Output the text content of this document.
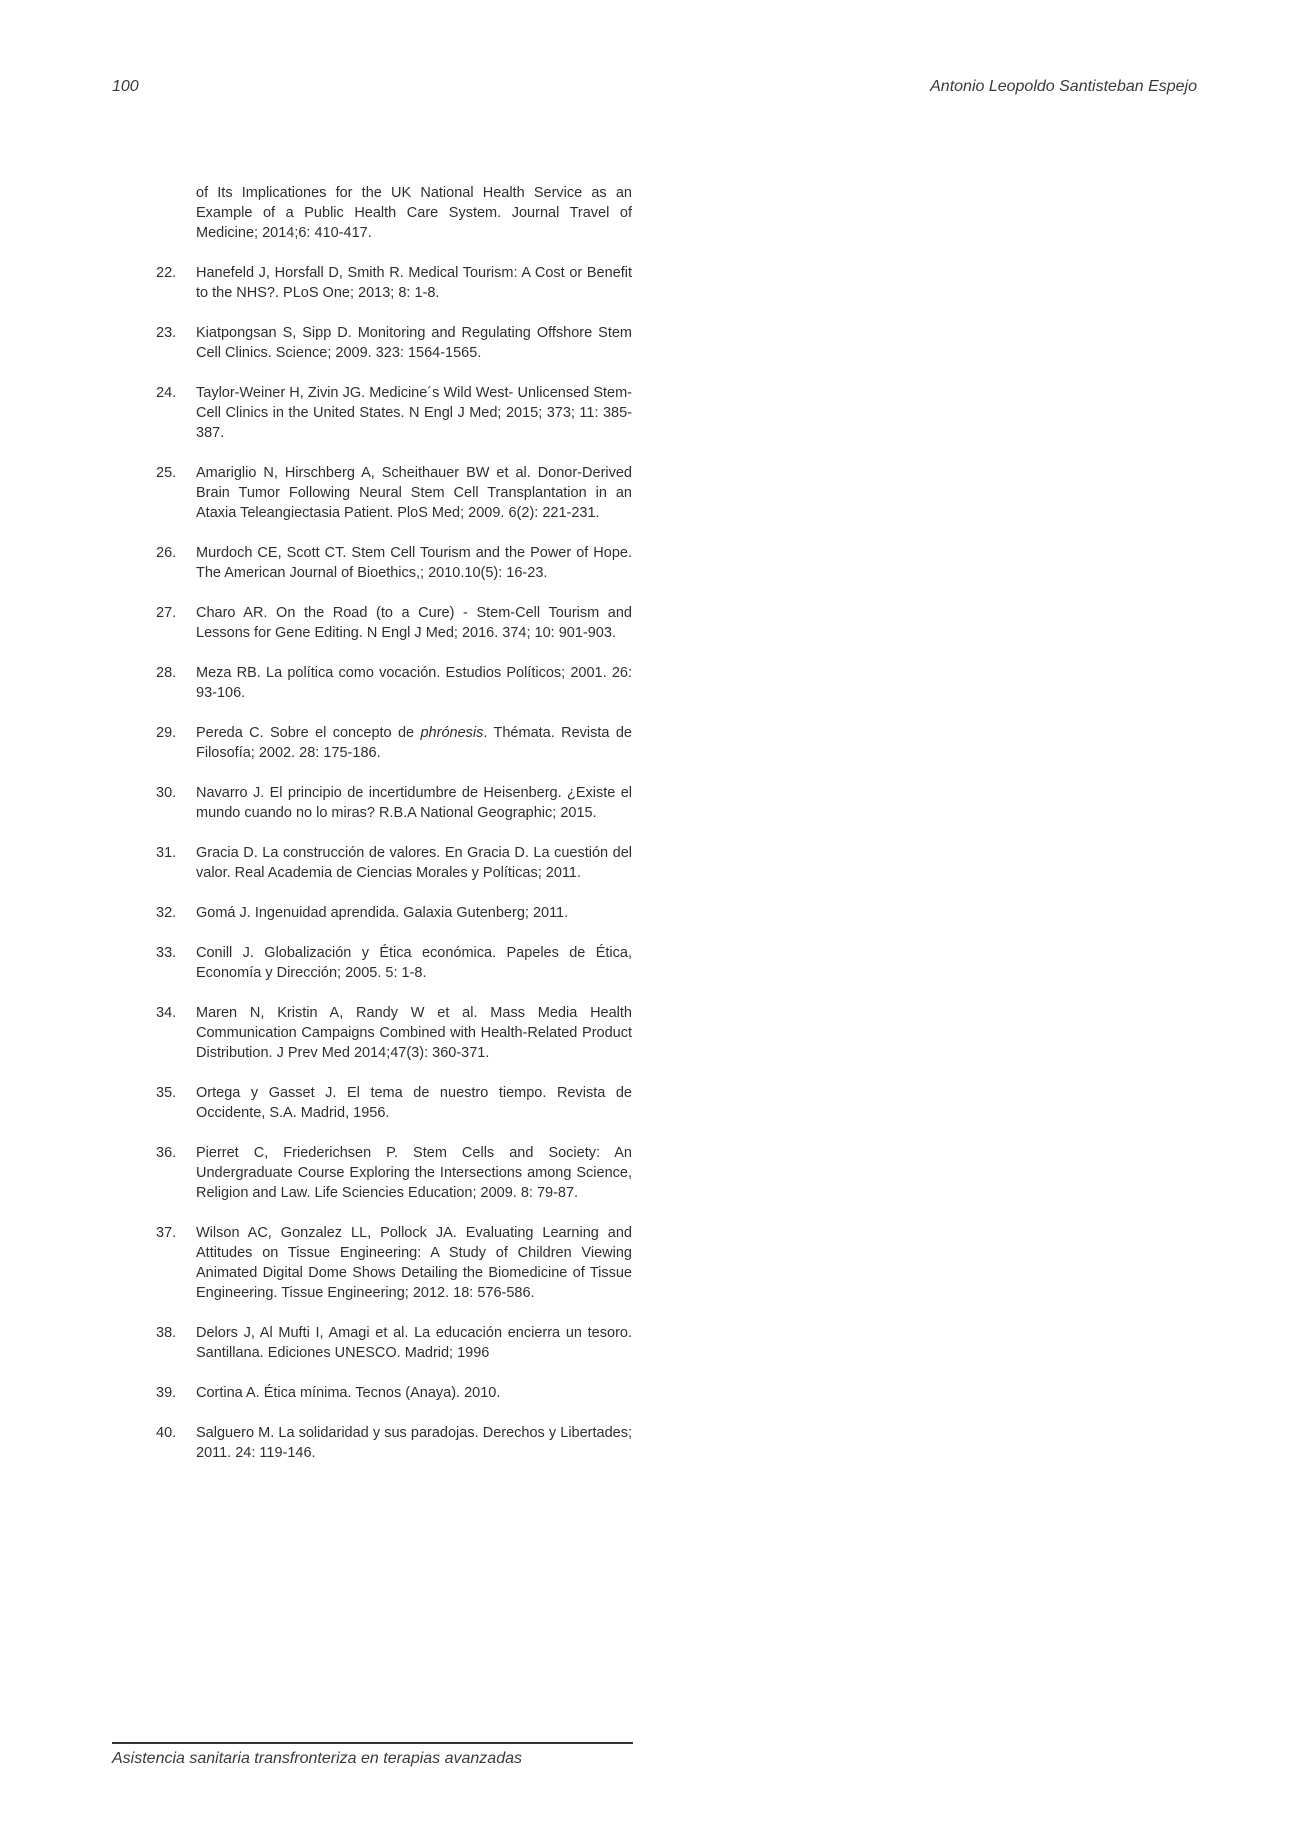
100	Antonio Leopoldo Santisteban Espejo
of Its Implicationes for the UK National Health Service as an Example of a Public Health Care System. Journal Travel of Medicine; 2014;6: 410-417.
22.	Hanefeld J, Horsfall D, Smith R. Medical Tourism: A Cost or Benefit to the NHS?. PLoS One; 2013; 8: 1-8.
23.	Kiatpongsan S, Sipp D. Monitoring and Regulating Offshore Stem Cell Clinics. Science; 2009. 323: 1564-1565.
24.	Taylor-Weiner H, Zivin JG. Medicine´s Wild West- Unlicensed Stem-Cell Clinics in the United States. N Engl J Med; 2015; 373; 11: 385-387.
25.	Amariglio N, Hirschberg A, Scheithauer BW et al. Donor-Derived Brain Tumor Following Neural Stem Cell Transplantation in an Ataxia Teleangiectasia Patient. PloS Med; 2009. 6(2): 221-231.
26.	Murdoch CE, Scott CT. Stem Cell Tourism and the Power of Hope. The American Journal of Bioethics,; 2010.10(5): 16-23.
27.	Charo AR. On the Road (to a Cure) - Stem-Cell Tourism and Lessons for Gene Editing. N Engl J Med; 2016. 374; 10: 901-903.
28.	Meza RB. La política como vocación. Estudios Políticos; 2001. 26: 93-106.
29.	Pereda C. Sobre el concepto de phrónesis. Thémata. Revista de Filosofía; 2002. 28: 175-186.
30.	Navarro J. El principio de incertidumbre de Heisenberg. ¿Existe el mundo cuando no lo miras? R.B.A National Geographic; 2015.
31.	Gracia D. La construcción de valores. En Gracia D. La cuestión del valor. Real Academia de Ciencias Morales y Políticas; 2011.
32.	Gomá J. Ingenuidad aprendida. Galaxia Gutenberg; 2011.
33.	Conill J. Globalización y Ética económica. Papeles de Ética, Economía y Dirección; 2005. 5: 1-8.
34.	Maren N, Kristin A, Randy W et al. Mass Media Health Communication Campaigns Combined with Health-Related Product Distribution. J Prev Med 2014;47(3): 360-371.
35.	Ortega y Gasset J. El tema de nuestro tiempo. Revista de Occidente, S.A. Madrid, 1956.
36.	Pierret C, Friederichsen P. Stem Cells and Society: An Undergraduate Course Exploring the Intersections among Science, Religion and Law. Life Sciencies Education; 2009. 8: 79-87.
37.	Wilson AC, Gonzalez LL, Pollock JA. Evaluating Learning and Attitudes on Tissue Engineering: A Study of Children Viewing Animated Digital Dome Shows Detailing the Biomedicine of Tissue Engineering. Tissue Engineering; 2012. 18: 576-586.
38.	Delors J, Al Mufti I, Amagi et al. La educación encierra un tesoro. Santillana. Ediciones UNESCO. Madrid; 1996
39.	Cortina A. Ética mínima. Tecnos (Anaya). 2010.
40.	Salguero M. La solidaridad y sus paradojas. Derechos y Libertades; 2011. 24: 119-146.
Asistencia sanitaria transfronteriza en terapias avanzadas
